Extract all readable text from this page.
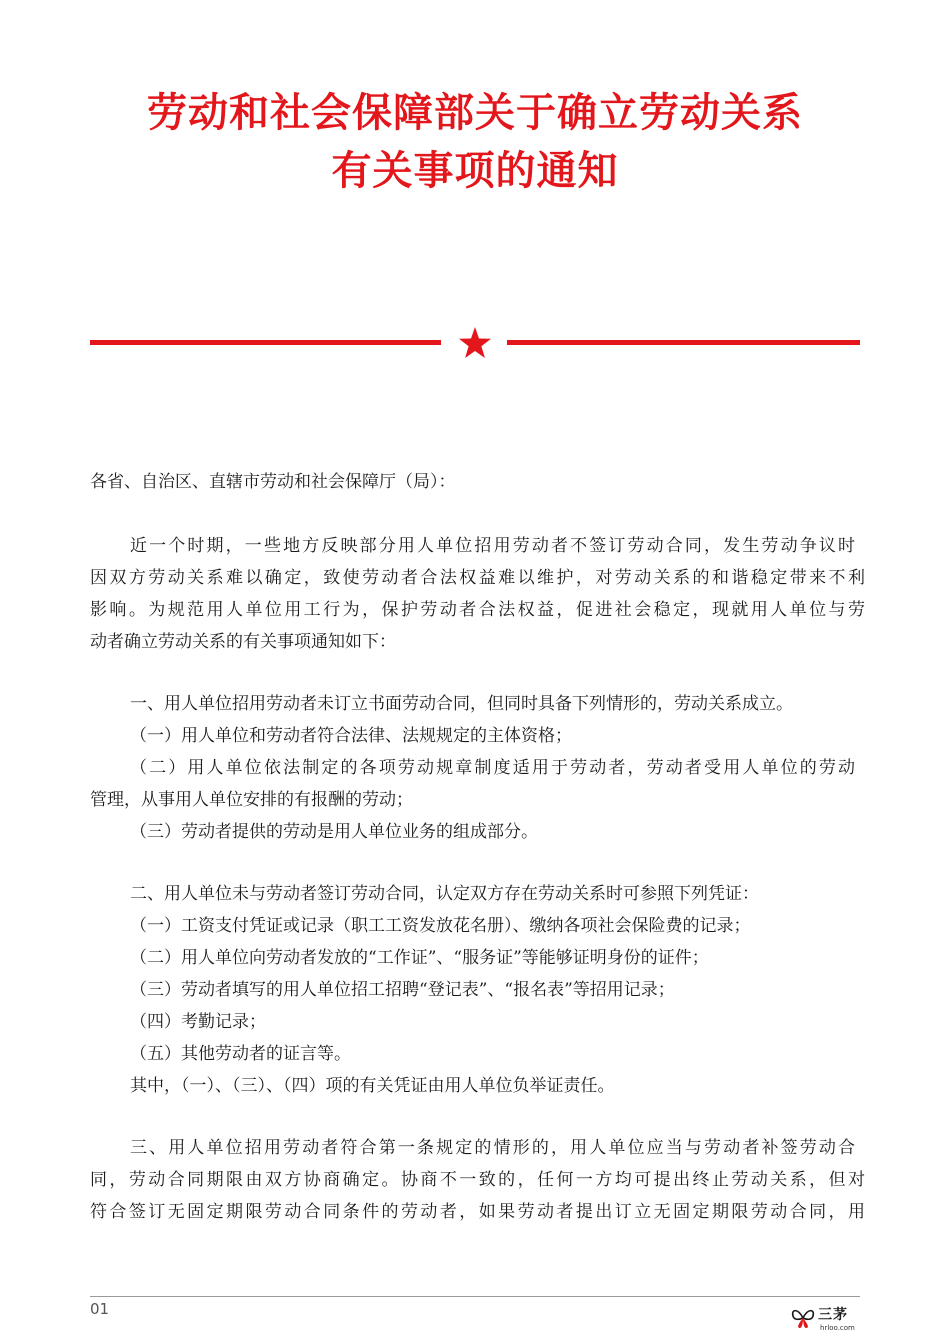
劳动和社会保障部关于确立劳动关系
有关事项的通知

各省、自治区、直辖市劳动和社会保障厅（局）：

近一个时期，一些地方反映部分用人单位招用劳动者不签订劳动合同，发生劳动争议时

因双方劳动关系难以确定，致使劳动者合法权益难以维护，对劳动关系的和谐稳定带来不利

影响。为规范用人单位用工行为，保护劳动者合法权益，促进社会稳定，现就用人单位与劳

动者确立劳动关系的有关事项通知如下：

一、用人单位招用劳动者未订立书面劳动合同，但同时具备下列情形的，劳动关系成立。

（一）用人单位和劳动者符合法律、法规规定的主体资格；

（二）用人单位依法制定的各项劳动规章制度适用于劳动者，劳动者受用人单位的劳动

管理，从事用人单位安排的有报酬的劳动；

（三）劳动者提供的劳动是用人单位业务的组成部分。

二、用人单位未与劳动者签订劳动合同，认定双方存在劳动关系时可参照下列凭证：

（一）工资支付凭证或记录（职工工资发放花名册）、缴纳各项社会保险费的记录；

（二）用人单位向劳动者发放的“工作证”、“服务证”等能够证明身份的证件；

（三）劳动者填写的用人单位招工招聘“登记表”、“报名表”等招用记录；

（四）考勤记录；

（五）其他劳动者的证言等。

其中，（一）、（三）、（四）项的有关凭证由用人单位负举证责任。

三、用人单位招用劳动者符合第一条规定的情形的，用人单位应当与劳动者补签劳动合

同，劳动合同期限由双方协商确定。协商不一致的，任何一方均可提出终止劳动关系，但对

符合签订无固定期限劳动合同条件的劳动者，如果劳动者提出订立无固定期限劳动合同，用

01	三茅
hrloo.com
